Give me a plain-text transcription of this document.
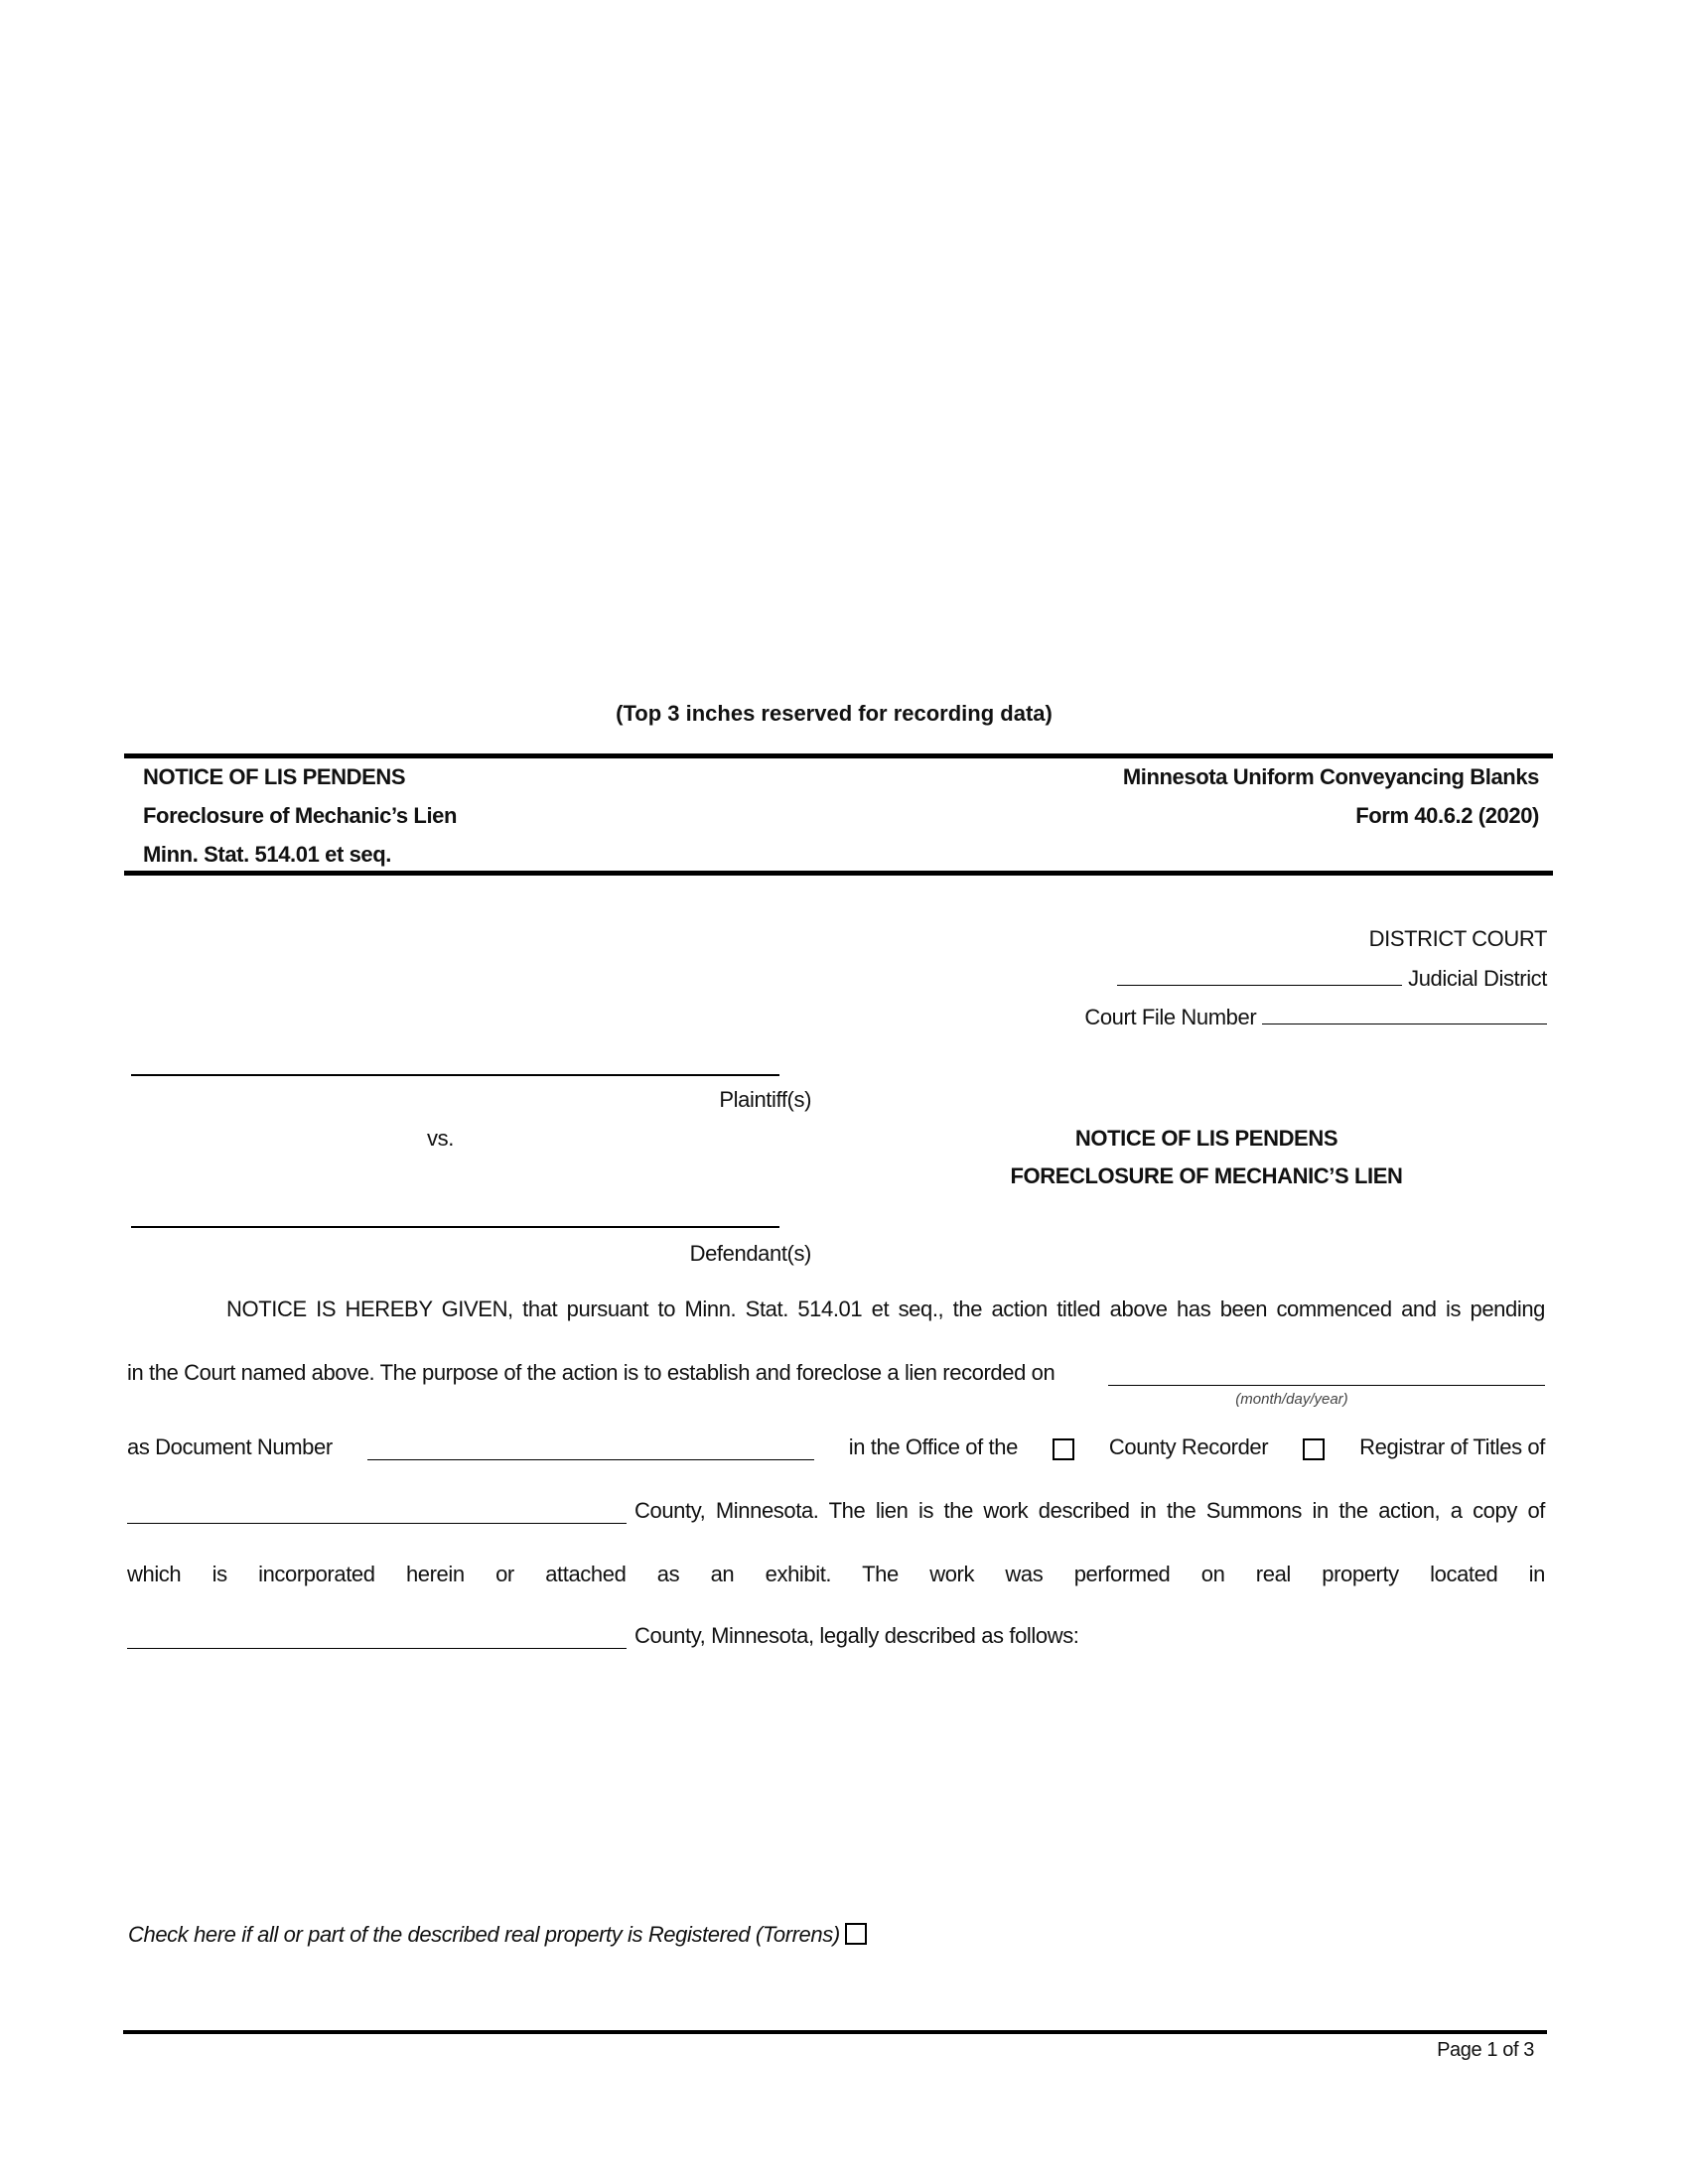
(Top 3 inches reserved for recording data)
NOTICE OF LIS PENDENS
Foreclosure of Mechanic’s Lien
Minn. Stat. 514.01 et seq.
Minnesota Uniform Conveyancing Blanks
Form 40.6.2 (2020)
DISTRICT COURT
Judicial District
Court File Number
Plaintiff(s)
vs.	NOTICE OF LIS PENDENS
FORECLOSURE OF MECHANIC’S LIEN
Defendant(s)
NOTICE IS HEREBY GIVEN, that pursuant to Minn. Stat. 514.01 et seq., the action titled above has been commenced and is pending
in the Court named above. The purpose of the action is to establish and foreclose a lien recorded on
(month/day/year)
as Document Number	in the Office of the	County Recorder	Registrar of Titles of
County, Minnesota. The lien is the work described in the Summons in the action, a copy of
which is incorporated herein or attached as an exhibit. The work was performed on real property located in
County, Minnesota, legally described as follows:
Check here if all or part of the described real property is Registered (Torrens)
Page 1 of 3
